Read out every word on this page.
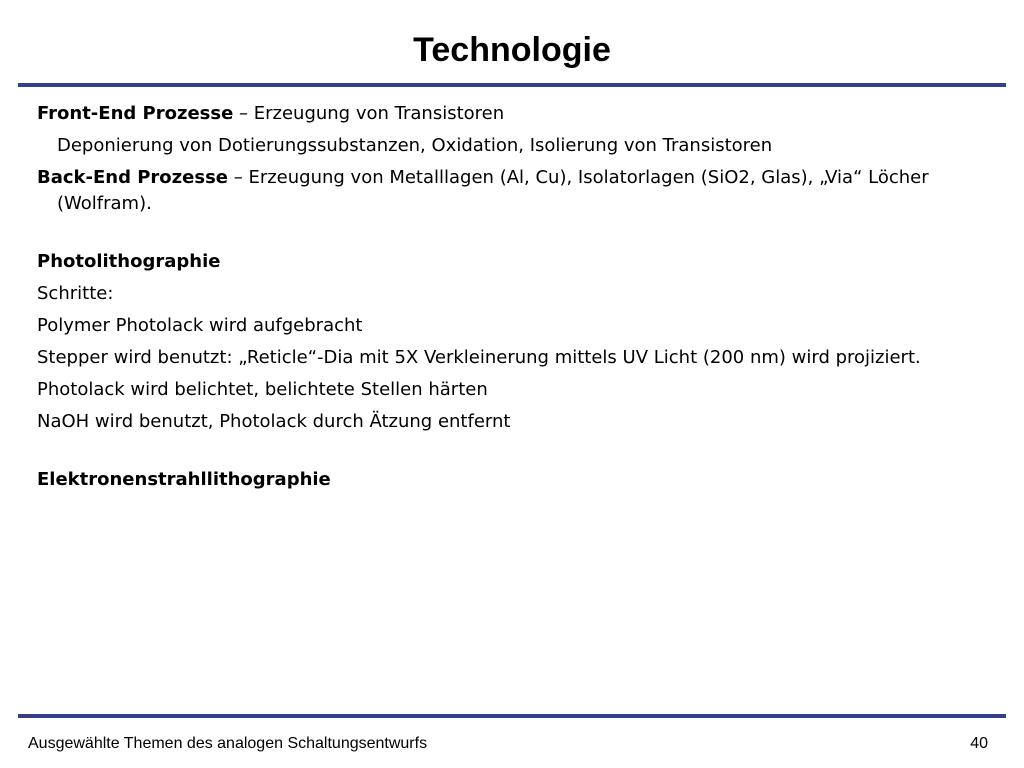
Technologie

Front-End Prozesse – Erzeugung von Transistoren

Deponierung von Dotierungssubstanzen, Oxidation, Isolierung von Transistoren

Back-End Prozesse – Erzeugung von Metalllagen (Al, Cu), Isolatorlagen (SiO2, Glas), „Via“ Löcher (Wolfram).

Photolithographie

Schritte:

Polymer Photolack wird aufgebracht

Stepper wird benutzt: „Reticle“-Dia mit 5X Verkleinerung mittels UV Licht (200 nm) wird projiziert.

Photolack wird belichtet, belichtete Stellen härten

NaOH wird benutzt, Photolack durch Ätzung entfernt

Elektronenstrahllithographie

Ausgewählte Themen des analogen Schaltungsentwurfs	40
